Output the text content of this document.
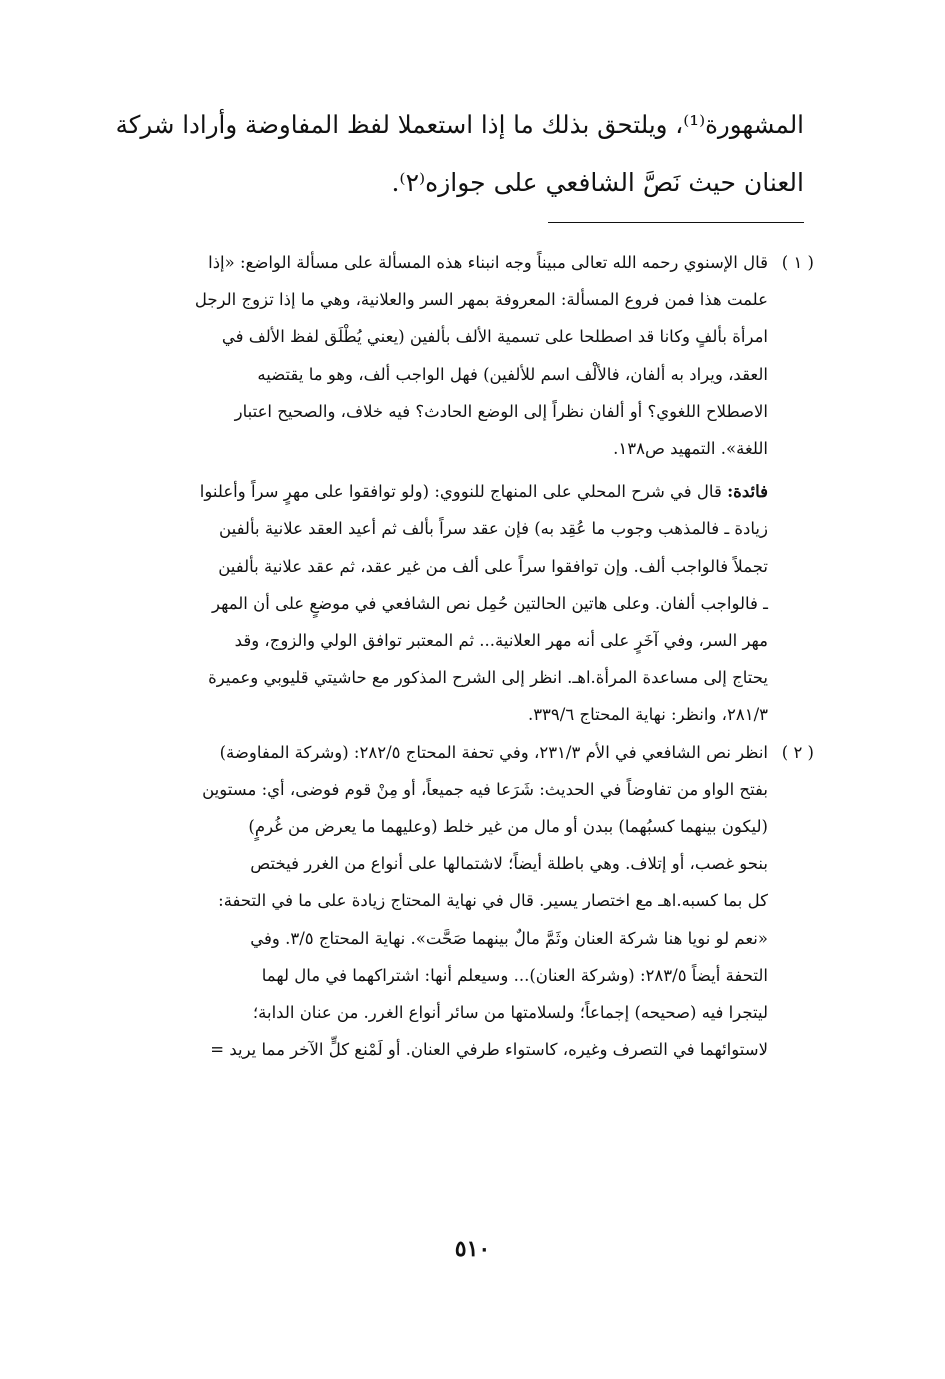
المشهورة⁽¹⁾، ويلتحق بذلك ما إذا استعملا لفظ المفاوضة وأرادا شركة
العنان حيث نَصَّ الشافعي على جوازه⁽٢⁾.
( ١ )
قال الإسنوي رحمه الله تعالى مبيناً وجه انبناء هذه المسألة على مسألة الواضع: «إذا
علمت هذا فمن فروع المسألة: المعروفة بمهر السر والعلانية، وهي ما إذا تزوج الرجل
امرأة بألفٍ وكانا قد اصطلحا على تسمية الألف بألفين (يعني يُطْلَق لفظ الألف في
العقد، ويراد به ألفان، فالألْف اسم للألفين) فهل الواجب ألف، وهو ما يقتضيه
الاصطلاح اللغوي؟ أو ألفان نظراً إلى الوضع الحادث؟ فيه خلاف، والصحيح اعتبار
اللغة». التمهيد ص١٣٨.
فائدة: قال في شرح المحلي على المنهاج للنووي: (ولو توافقوا على مهرٍ سراً وأعلنوا
زيادة ـ فالمذهب وجوب ما عُقِد به) فإن عقد سراً بألف ثم أعيد العقد علانية بألفين
تجملاً فالواجب ألف. وإن توافقوا سراً على ألف من غير عقد، ثم عقد علانية بألفين
ـ فالواجب ألفان. وعلى هاتين الحالتين حُمِل نص الشافعي في موضعٍ على أن المهر
مهر السر، وفي آخَرٍ على أنه مهر العلانية... ثم المعتبر توافق الولي والزوج، وقد
يحتاج إلى مساعدة المرأة.اهـ. انظر إلى الشرح المذكور مع حاشيتي قليوبي وعميرة
٢٨١/٣، وانظر: نهاية المحتاج ٣٣٩/٦.
( ٢ )
انظر نص الشافعي في الأم ٢٣١/٣، وفي تحفة المحتاج ٢٨٢/٥: (وشركة المفاوضة)
بفتح الواو من تفاوضاً في الحديث: شَرَعا فيه جميعاً، أو مِنْ قوم فوضى، أي: مستوين
(ليكون بينهما كسبُهما) ببدن أو مال من غير خلط (وعليهما ما يعرض من غُرمٍ)
بنحو غصب، أو إتلاف. وهي باطلة أيضاً؛ لاشتمالها على أنواع من الغرر فيختص
كل بما كسبه.اهـ مع اختصار يسير. قال في نهاية المحتاج زيادة على ما في التحفة:
«نعم لو نويا هنا شركة العنان وثَمَّ مالٌ بينهما صَحَّت». نهاية المحتاج ٣/٥. وفي
التحفة أيضاً ٢٨٣/٥: (وشركة العنان)... وسيعلم أنها: اشتراكهما في مال لهما
ليتجرا فيه (صحيحه) إجماعاً؛ ولسلامتها من سائر أنواع الغرر. من عنان الدابة؛
لاستوائهما في التصرف وغيره، كاستواء طرفي العنان. أو لَمْنع كلٍّ الآخر مما يريد =
٥١٠
